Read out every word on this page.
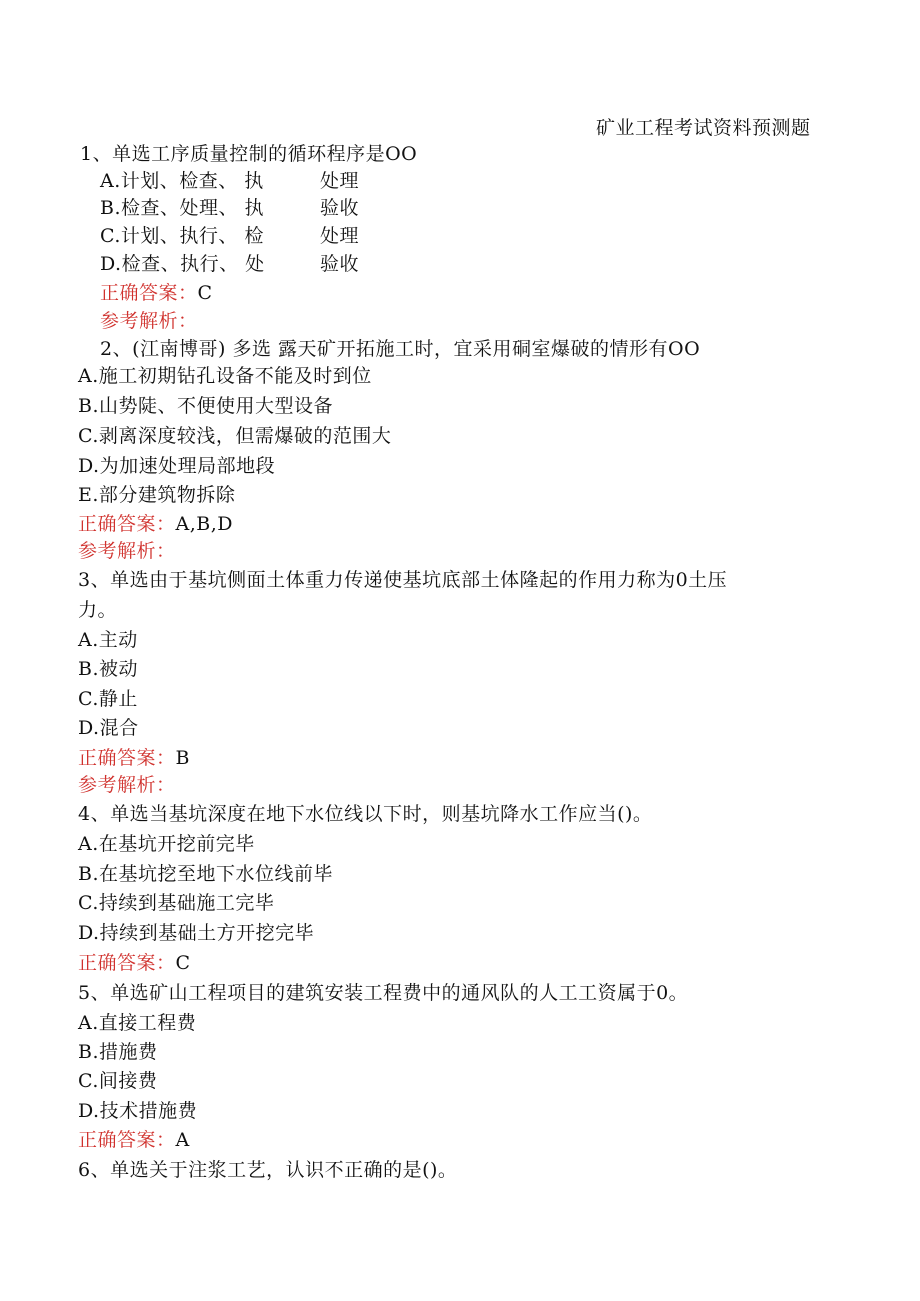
矿业工程考试资料预测题
1、单选工序质量控制的循环程序是OO
A.计划、检查、 执	处理
B.检查、处理、 执	验收
C.计划、执行、 检	处理
D.检查、执行、 处	验收
正确答案：C
参考解析：
2、(江南博哥) 多选 露天矿开拓施工时，宜采用硐室爆破的情形有OO
A.施工初期钻孔设备不能及时到位
B.山势陡、不便使用大型设备
C.剥离深度较浅，但需爆破的范围大
D.为加速处理局部地段
E.部分建筑物拆除
正确答案：A,B,D
参考解析：
3、单选由于基坑侧面土体重力传递使基坑底部土体隆起的作用力称为0土压
力。
A.主动
B.被动
C.静止
D.混合
正确答案：B
参考解析：
4、单选当基坑深度在地下水位线以下时，则基坑降水工作应当()。
A.在基坑开挖前完毕
B.在基坑挖至地下水位线前毕
C.持续到基础施工完毕
D.持续到基础土方开挖完毕
正确答案：C
5、单选矿山工程项目的建筑安装工程费中的通风队的人工工资属于0。
A.直接工程费
B.措施费
C.间接费
D.技术措施费
正确答案：A
6、单选关于注浆工艺，认识不正确的是()。
